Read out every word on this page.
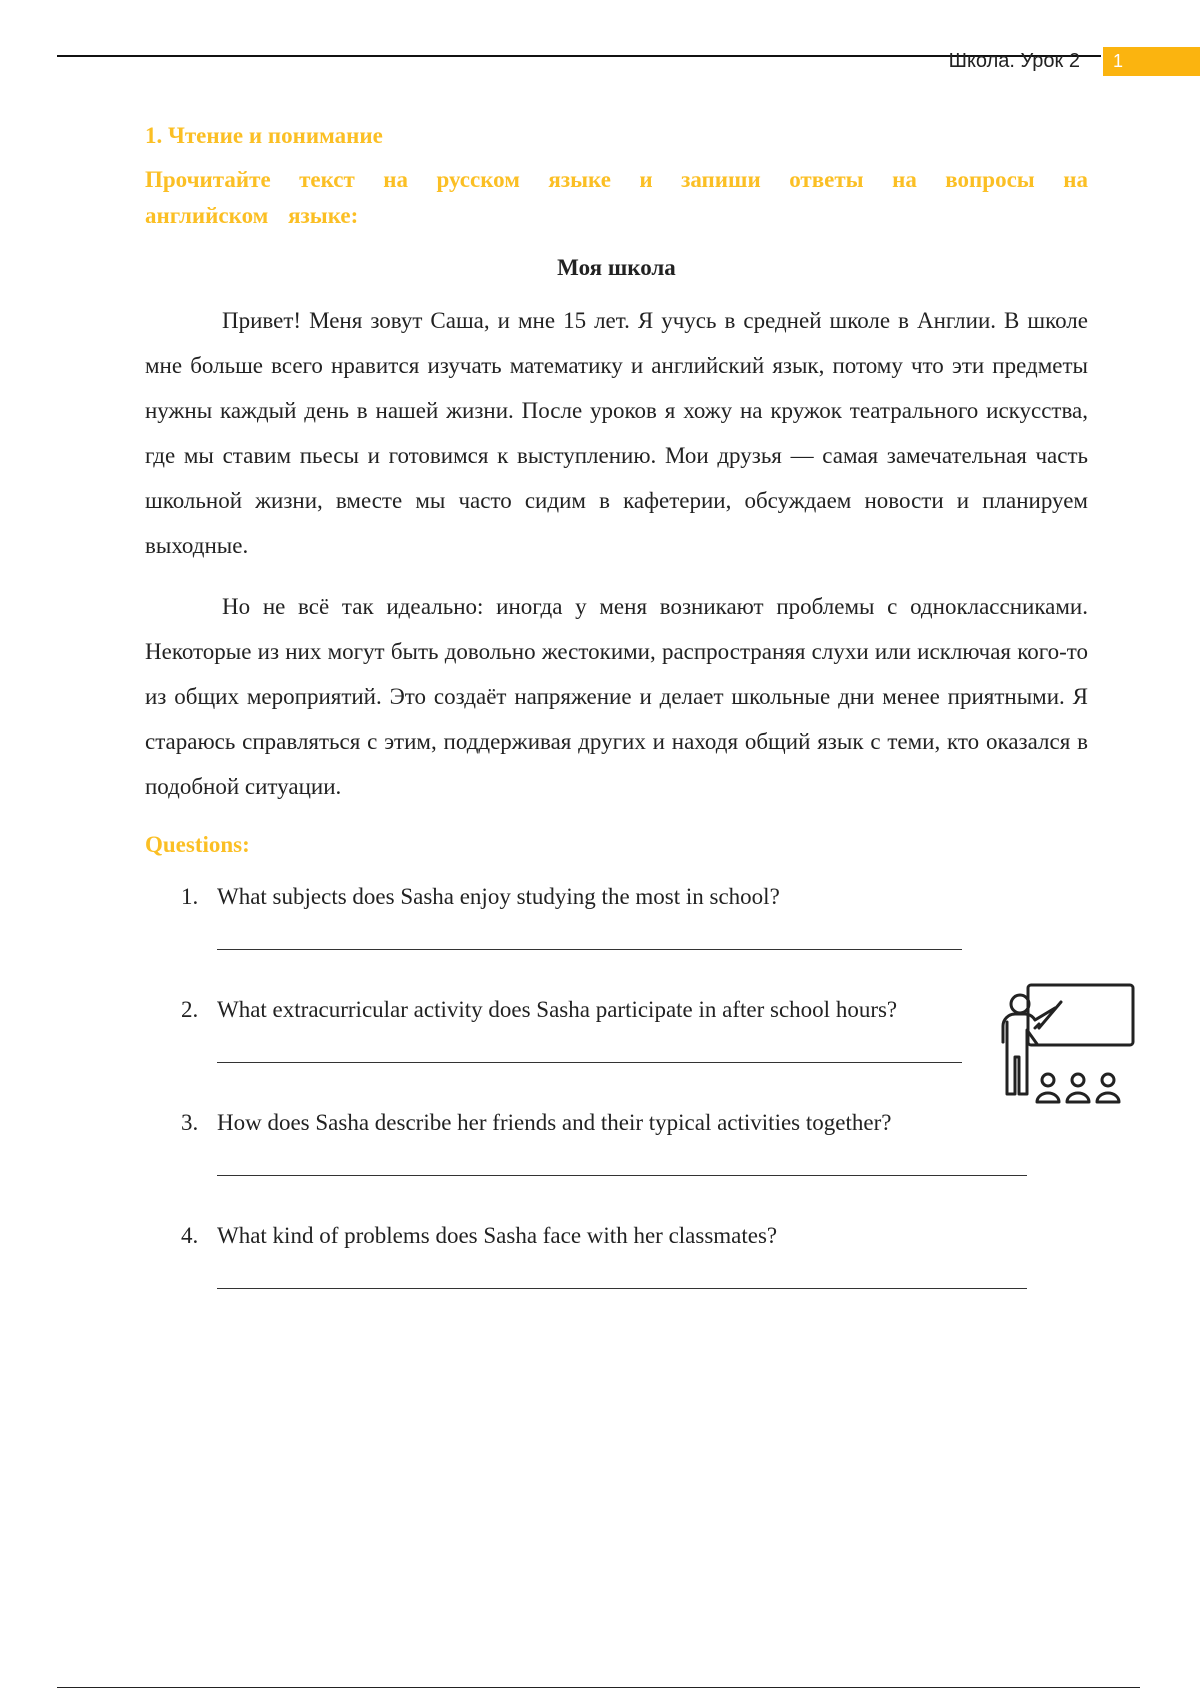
Школа. Урок 2	1

1. Чтение и понимание

Прочитайте текст на русском языке и запиши ответы на вопросы на английском языке:

Моя школа

Привет! Меня зовут Саша, и мне 15 лет. Я учусь в средней школе в Англии. В школе мне больше всего нравится изучать математику и английский язык, потому что эти предметы нужны каждый день в нашей жизни. После уроков я хожу на кружок театрального искусства, где мы ставим пьесы и готовимся к выступлению. Мои друзья — самая замечательная часть школьной жизни, вместе мы часто сидим в кафетерии, обсуждаем новости и планируем выходные.

Но не всё так идеально: иногда у меня возникают проблемы с одноклассниками. Некоторые из них могут быть довольно жестокими, распространяя слухи или исключая кого-то из общих мероприятий. Это создаёт напряжение и делает школьные дни менее приятными. Я стараюсь справляться с этим, поддерживая других и находя общий язык с теми, кто оказался в подобной ситуации.

Questions:

1. What subjects does Sasha enjoy studying the most in school?
2. What extracurricular activity does Sasha participate in after school hours?
3. How does Sasha describe her friends and their typical activities together?
4. What kind of problems does Sasha face with her classmates?
